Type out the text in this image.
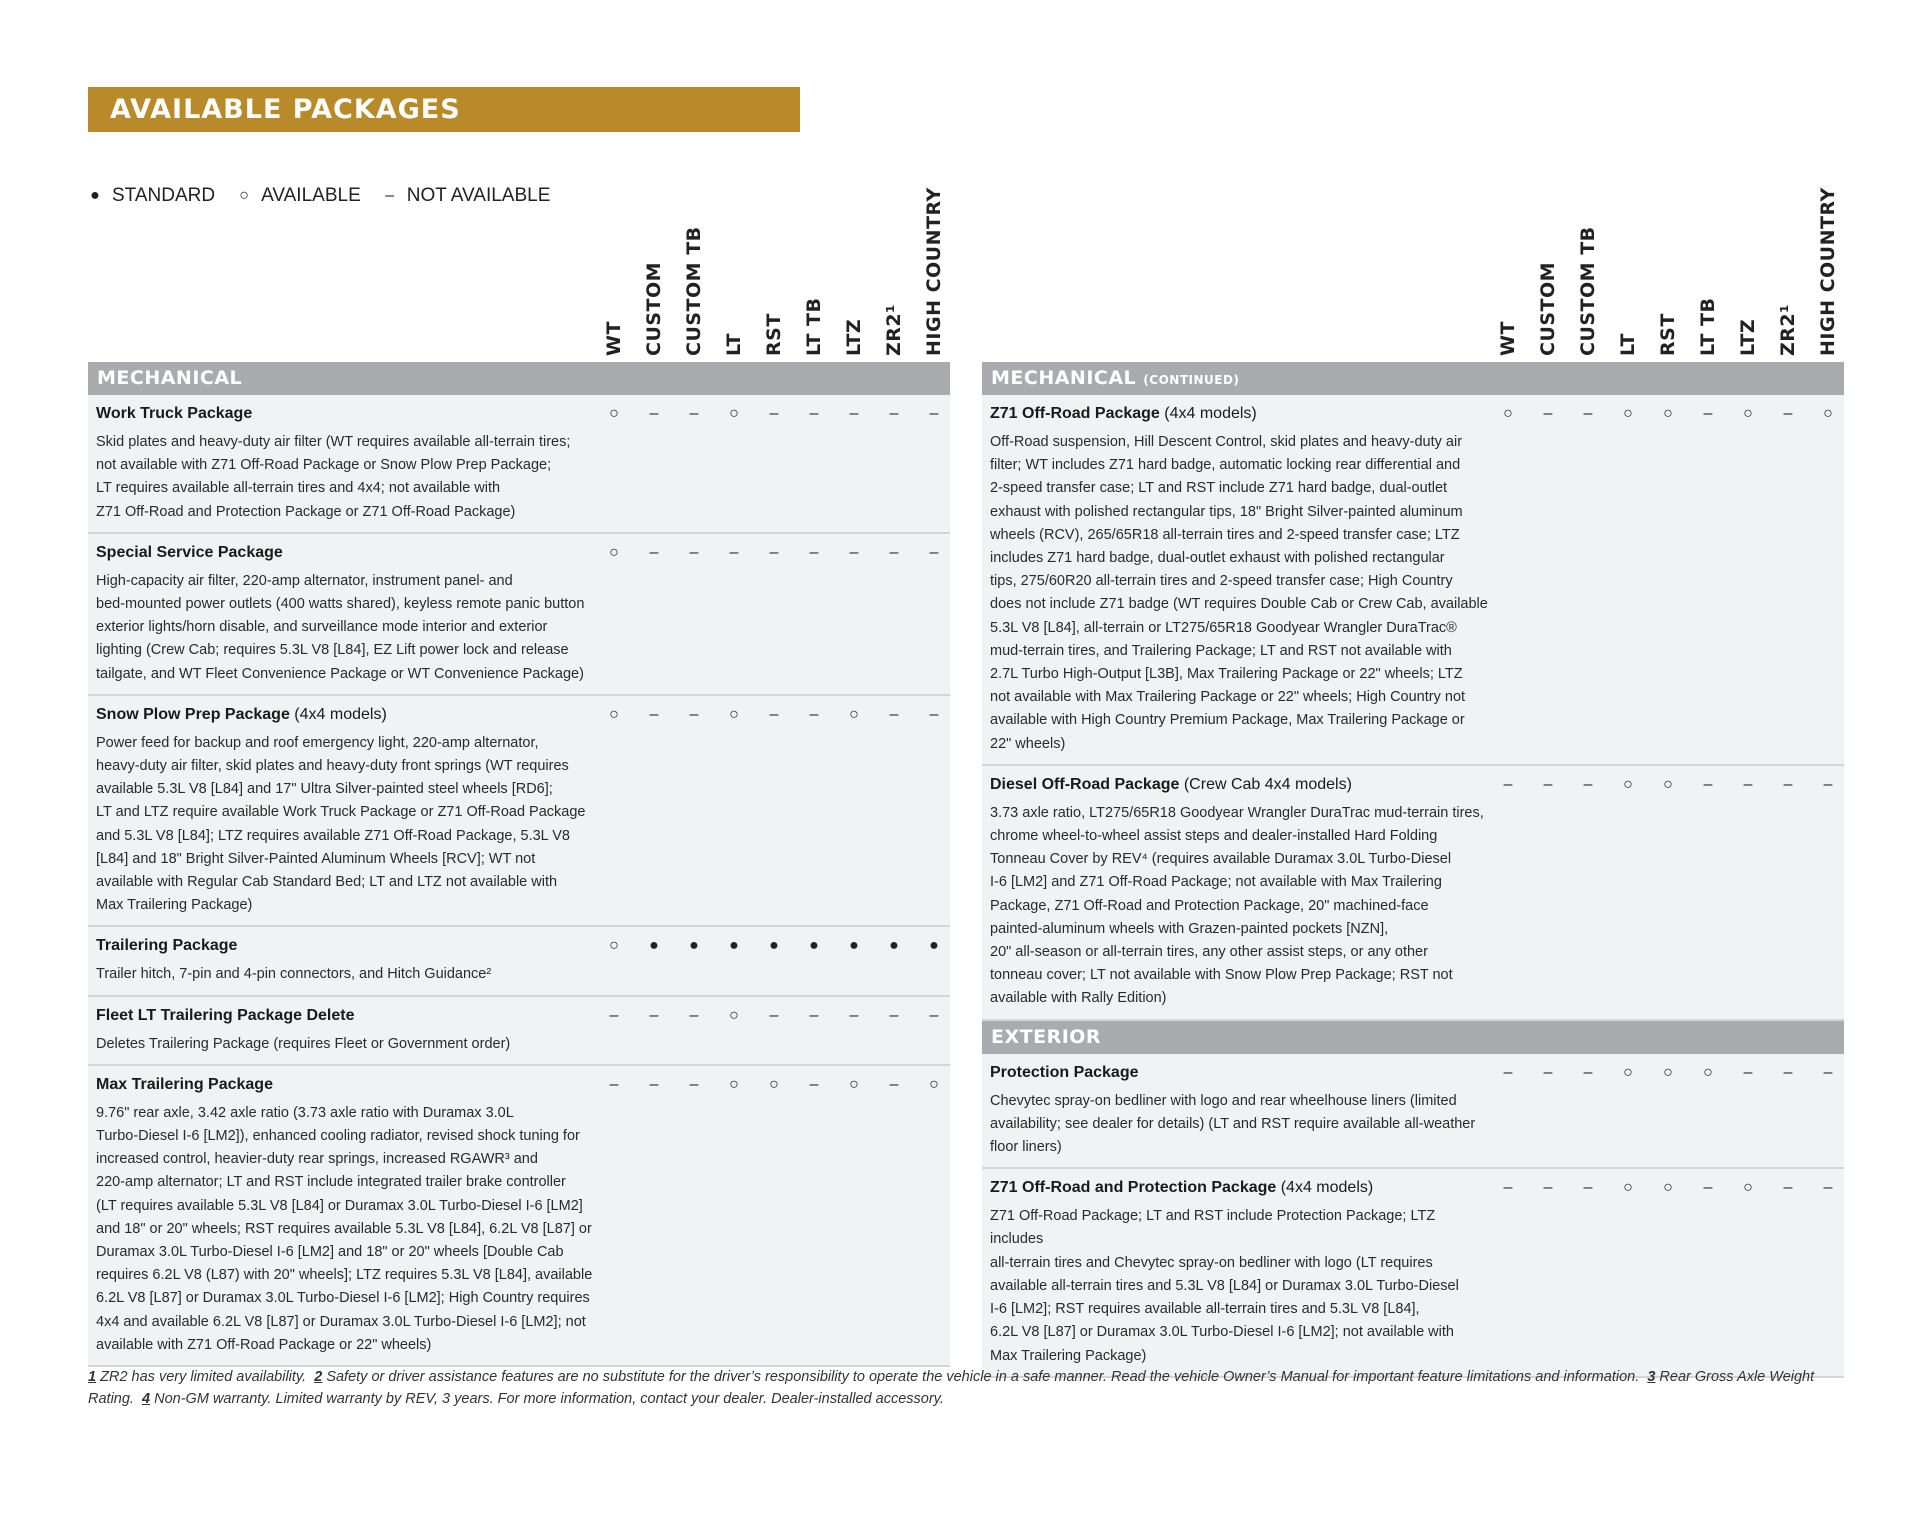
AVAILABLE PACKAGES
● STANDARD ○ AVAILABLE – NOT AVAILABLE
WT CUSTOM CUSTOM TB LT RST LT TB LTZ ZR2¹ HIGH COUNTRY
MECHANICAL
Work Truck Package	○	–	–	○	–	–	–	–	–
Skid plates and heavy-duty air filter (WT requires available all-terrain tires;
not available with Z71 Off-Road Package or Snow Plow Prep Package;
LT requires available all-terrain tires and 4x4; not available with
Z71 Off-Road and Protection Package or Z71 Off-Road Package)
Special Service Package	○	–	–	–	–	–	–	–	–
High-capacity air filter, 220-amp alternator, instrument panel- and
bed-mounted power outlets (400 watts shared), keyless remote panic button
exterior lights/horn disable, and surveillance mode interior and exterior
lighting (Crew Cab; requires 5.3L V8 [L84], EZ Lift power lock and release
tailgate, and WT Fleet Convenience Package or WT Convenience Package)
Snow Plow Prep Package (4x4 models)	○	–	–	○	–	–	○	–	–
Power feed for backup and roof emergency light, 220-amp alternator,
heavy-duty air filter, skid plates and heavy-duty front springs (WT requires
available 5.3L V8 [L84] and 17" Ultra Silver-painted steel wheels [RD6];
LT and LTZ require available Work Truck Package or Z71 Off-Road Package
and 5.3L V8 [L84]; LTZ requires available Z71 Off-Road Package, 5.3L V8
[L84] and 18" Bright Silver-Painted Aluminum Wheels [RCV]; WT not
available with Regular Cab Standard Bed; LT and LTZ not available with
Max Trailering Package)
Trailering Package	○	●	●	●	●	●	●	●	●
Trailer hitch, 7-pin and 4-pin connectors, and Hitch Guidance²
Fleet LT Trailering Package Delete	–	–	–	○	–	–	–	–	–
Deletes Trailering Package (requires Fleet or Government order)
Max Trailering Package	–	–	–	○	○	–	○	–	○
9.76" rear axle, 3.42 axle ratio (3.73 axle ratio with Duramax 3.0L
Turbo-Diesel I-6 [LM2]), enhanced cooling radiator, revised shock tuning for
increased control, heavier-duty rear springs, increased RGAWR³ and
220-amp alternator; LT and RST include integrated trailer brake controller
(LT requires available 5.3L V8 [L84] or Duramax 3.0L Turbo-Diesel I-6 [LM2]
and 18" or 20" wheels; RST requires available 5.3L V8 [L84], 6.2L V8 [L87] or
Duramax 3.0L Turbo-Diesel I-6 [LM2] and 18" or 20" wheels [Double Cab
requires 6.2L V8 (L87) with 20" wheels]; LTZ requires 5.3L V8 [L84], available
6.2L V8 [L87] or Duramax 3.0L Turbo-Diesel I-6 [LM2]; High Country requires
4x4 and available 6.2L V8 [L87] or Duramax 3.0L Turbo-Diesel I-6 [LM2]; not
available with Z71 Off-Road Package or 22" wheels)
WT CUSTOM CUSTOM TB LT RST LT TB LTZ ZR2¹ HIGH COUNTRY
MECHANICAL (CONTINUED)
Z71 Off-Road Package (4x4 models)	○	–	–	○	○	–	○	–	○
Off-Road suspension, Hill Descent Control, skid plates and heavy-duty air
filter; WT includes Z71 hard badge, automatic locking rear differential and
2-speed transfer case; LT and RST include Z71 hard badge, dual-outlet
exhaust with polished rectangular tips, 18" Bright Silver-painted aluminum
wheels (RCV), 265/65R18 all-terrain tires and 2-speed transfer case; LTZ
includes Z71 hard badge, dual-outlet exhaust with polished rectangular
tips, 275/60R20 all-terrain tires and 2-speed transfer case; High Country
does not include Z71 badge (WT requires Double Cab or Crew Cab, available
5.3L V8 [L84], all-terrain or LT275/65R18 Goodyear Wrangler DuraTrac®
mud-terrain tires, and Trailering Package; LT and RST not available with
2.7L Turbo High-Output [L3B], Max Trailering Package or 22" wheels; LTZ
not available with Max Trailering Package or 22" wheels; High Country not
available with High Country Premium Package, Max Trailering Package or
22" wheels)
Diesel Off-Road Package (Crew Cab 4x4 models)	–	–	–	○	○	–	–	–	–
3.73 axle ratio, LT275/65R18 Goodyear Wrangler DuraTrac mud-terrain tires,
chrome wheel-to-wheel assist steps and dealer-installed Hard Folding
Tonneau Cover by REV⁴ (requires available Duramax 3.0L Turbo-Diesel
I-6 [LM2] and Z71 Off-Road Package; not available with Max Trailering
Package, Z71 Off-Road and Protection Package, 20" machined-face
painted-aluminum wheels with Grazen-painted pockets [NZN],
20" all-season or all-terrain tires, any other assist steps, or any other
tonneau cover; LT not available with Snow Plow Prep Package; RST not
available with Rally Edition)
EXTERIOR
Protection Package	–	–	–	○	○	○	–	–	–
Chevytec spray-on bedliner with logo and rear wheelhouse liners (limited
availability; see dealer for details) (LT and RST require available all-weather
floor liners)
Z71 Off-Road and Protection Package (4x4 models)	–	–	–	○	○	–	○	–	–
Z71 Off-Road Package; LT and RST include Protection Package; LTZ includes
all-terrain tires and Chevytec spray-on bedliner with logo (LT requires
available all-terrain tires and 5.3L V8 [L84] or Duramax 3.0L Turbo-Diesel
I-6 [LM2]; RST requires available all-terrain tires and 5.3L V8 [L84],
6.2L V8 [L87] or Duramax 3.0L Turbo-Diesel I-6 [LM2]; not available with
Max Trailering Package)
1 ZR2 has very limited availability. 2 Safety or driver assistance features are no substitute for the driver’s responsibility to operate the vehicle in a safe manner. Read the vehicle Owner’s Manual for important feature limitations and information. 3 Rear Gross Axle Weight Rating. 4 Non-GM warranty. Limited warranty by REV, 3 years. For more information, contact your dealer. Dealer-installed accessory.
